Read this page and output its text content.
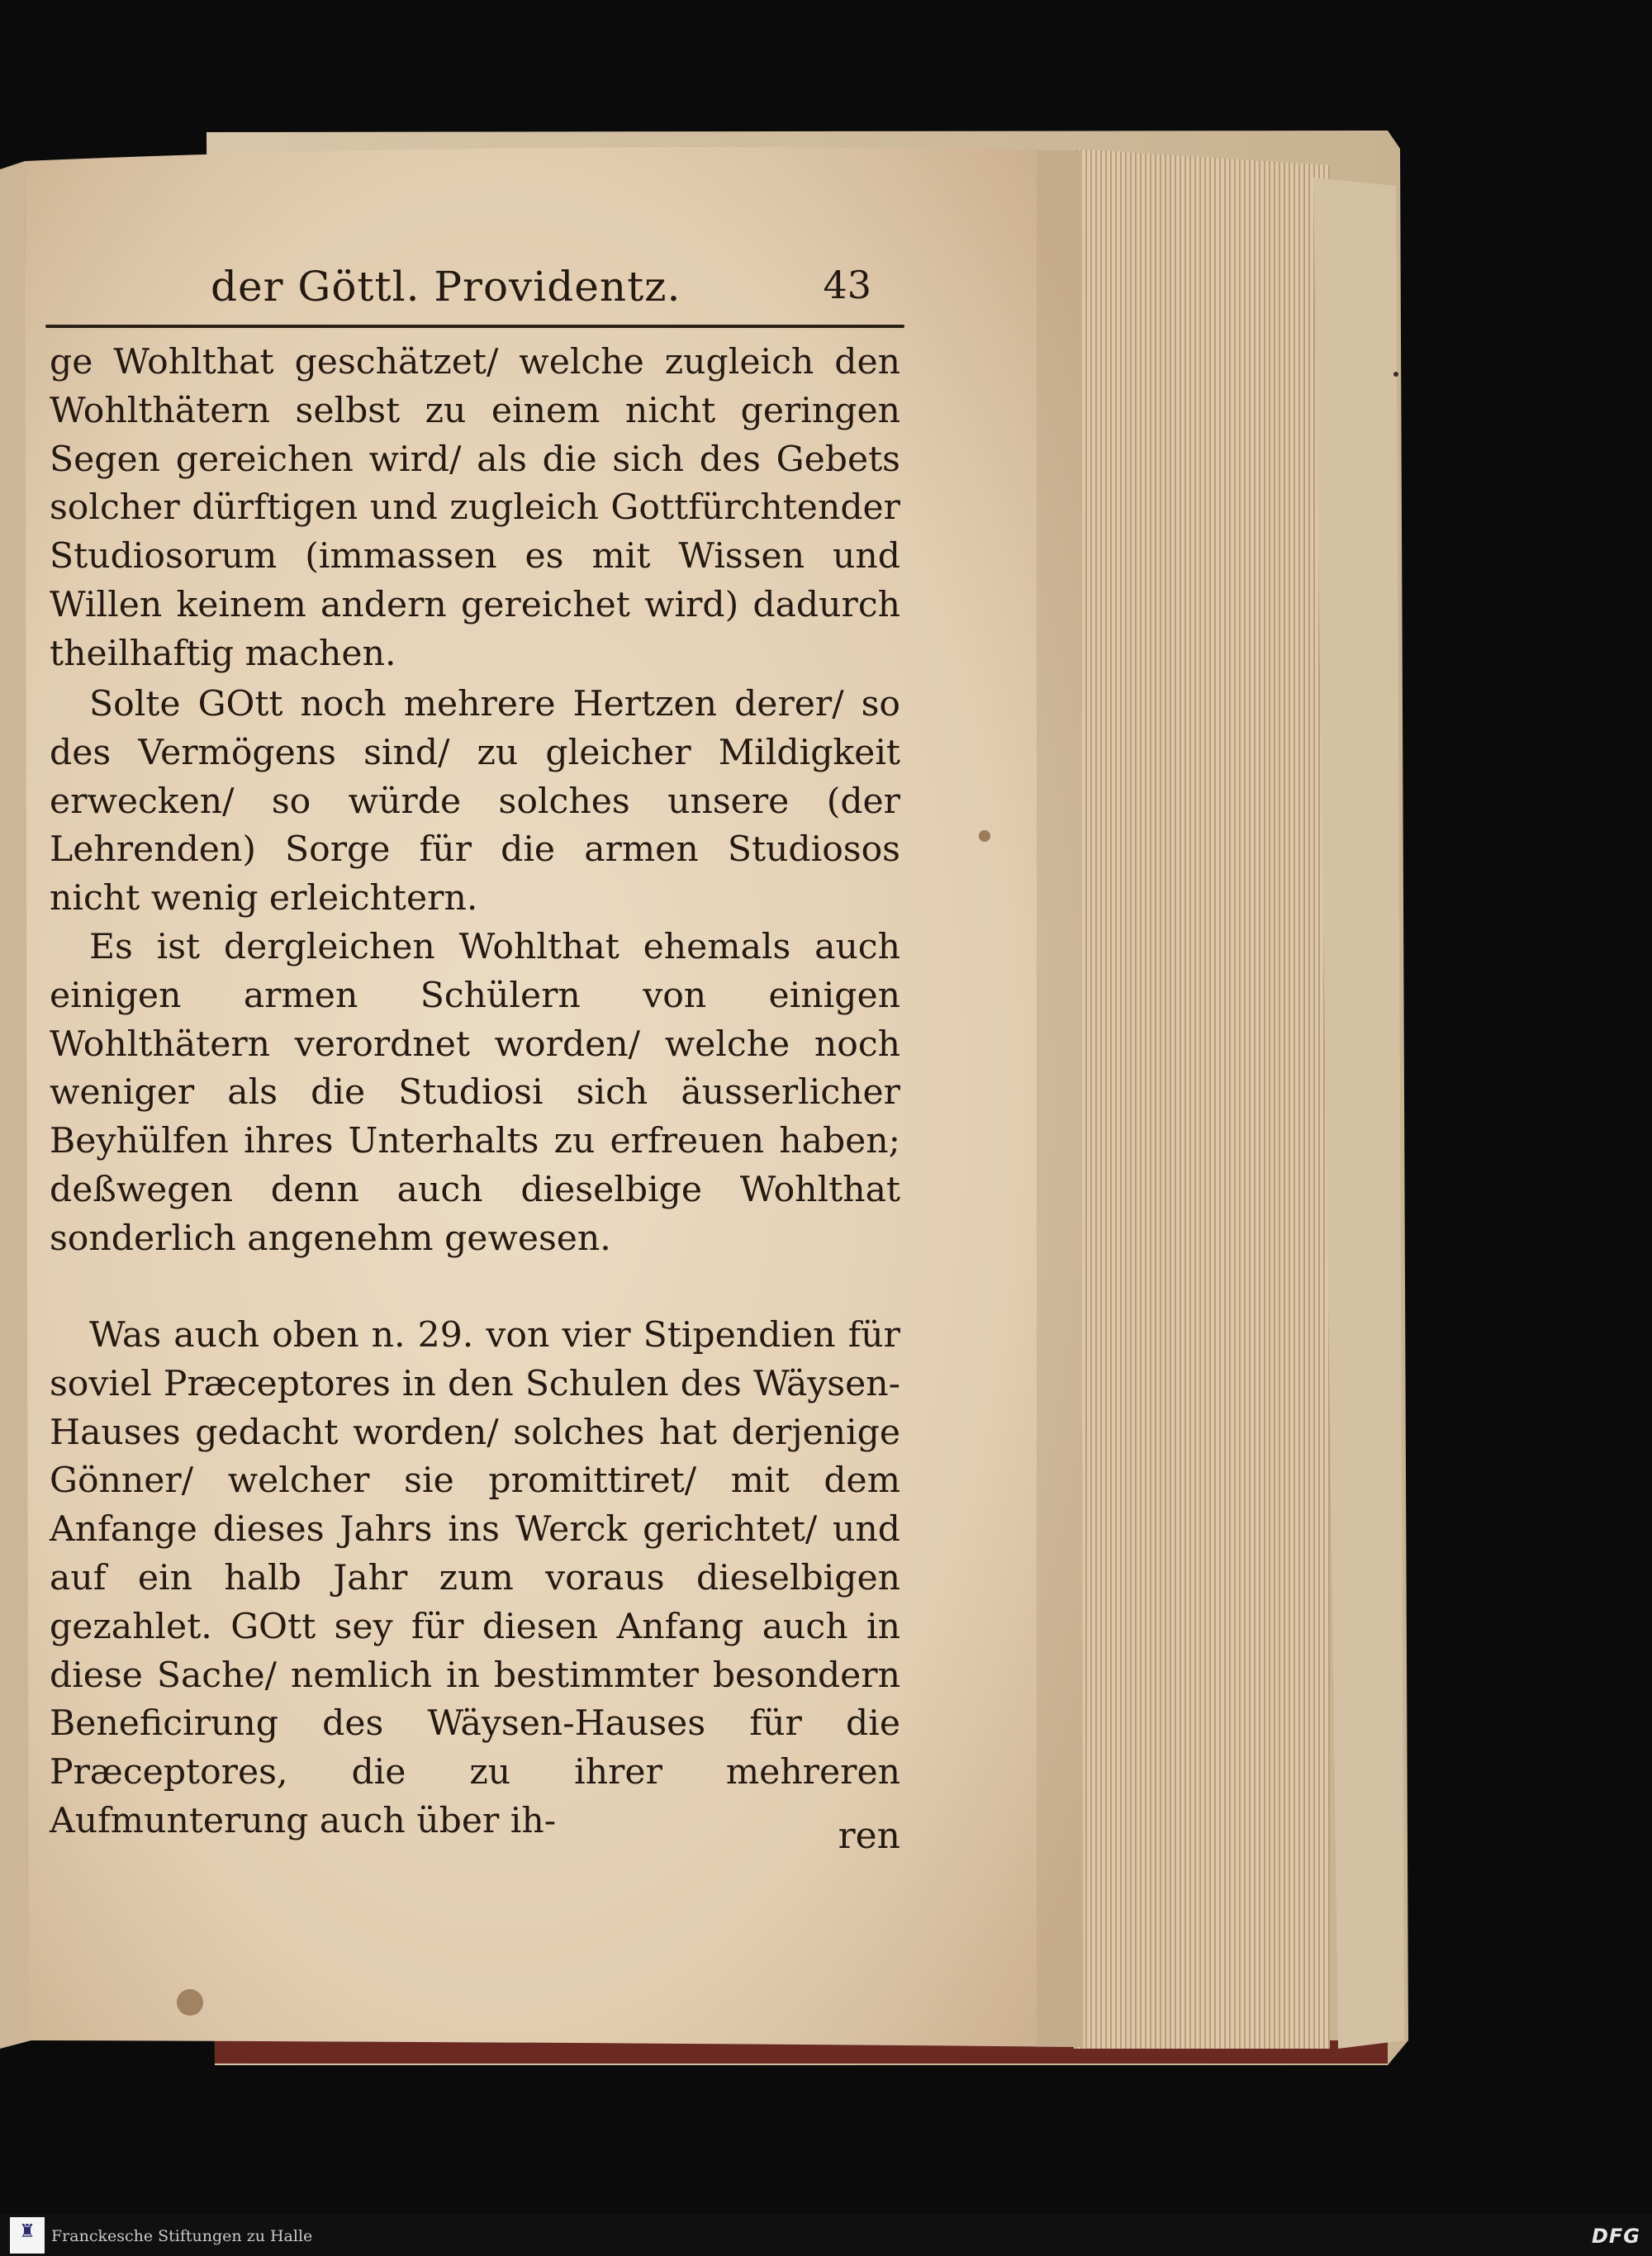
der Göttl. Providentz.	43

ge Wohlthat geschätzet/ welche zugleich den Wohlthätern selbst zu einem nicht geringen Segen gereichen wird/ als die sich des Gebets solcher dürftigen und zugleich Gottfürchtender Studiosorum (immassen es mit Wissen und Willen keinem andern gereichet wird) dadurch theilhaftig machen.

Solte GOtt noch mehrere Hertzen derer/ so des Vermögens sind/ zu gleicher Mildigkeit erwecken/ so würde solches unsere (der Lehrenden) Sorge für die armen Studiosos nicht wenig erleichtern.

Es ist dergleichen Wohlthat ehemals auch einigen armen Schülern von einigen Wohlthätern verordnet worden/ welche noch weniger als die Studiosi sich äusserlicher Beyhülfen ihres Unterhalts zu erfreuen haben; deßwegen denn auch dieselbige Wohlthat sonderlich angenehm gewesen.

Was auch oben n. 29. von vier Stipendien für soviel Præceptores in den Schulen des Wäysen-Hauses gedacht worden/ solches hat derjenige Gönner/ welcher sie promittiret/ mit dem Anfange dieses Jahrs ins Werck gerichtet/ und auf ein halb Jahr zum voraus dieselbigen gezahlet. GOtt sey für diesen Anfang auch in diese Sache/ nemlich in bestimmter besondern Beneficirung des Wäysen-Hauses für die Præceptores, die zu ihrer mehreren Aufmunterung auch über ih-	ren
♜	Franckesche Stiftungen zu Halle	DFG
